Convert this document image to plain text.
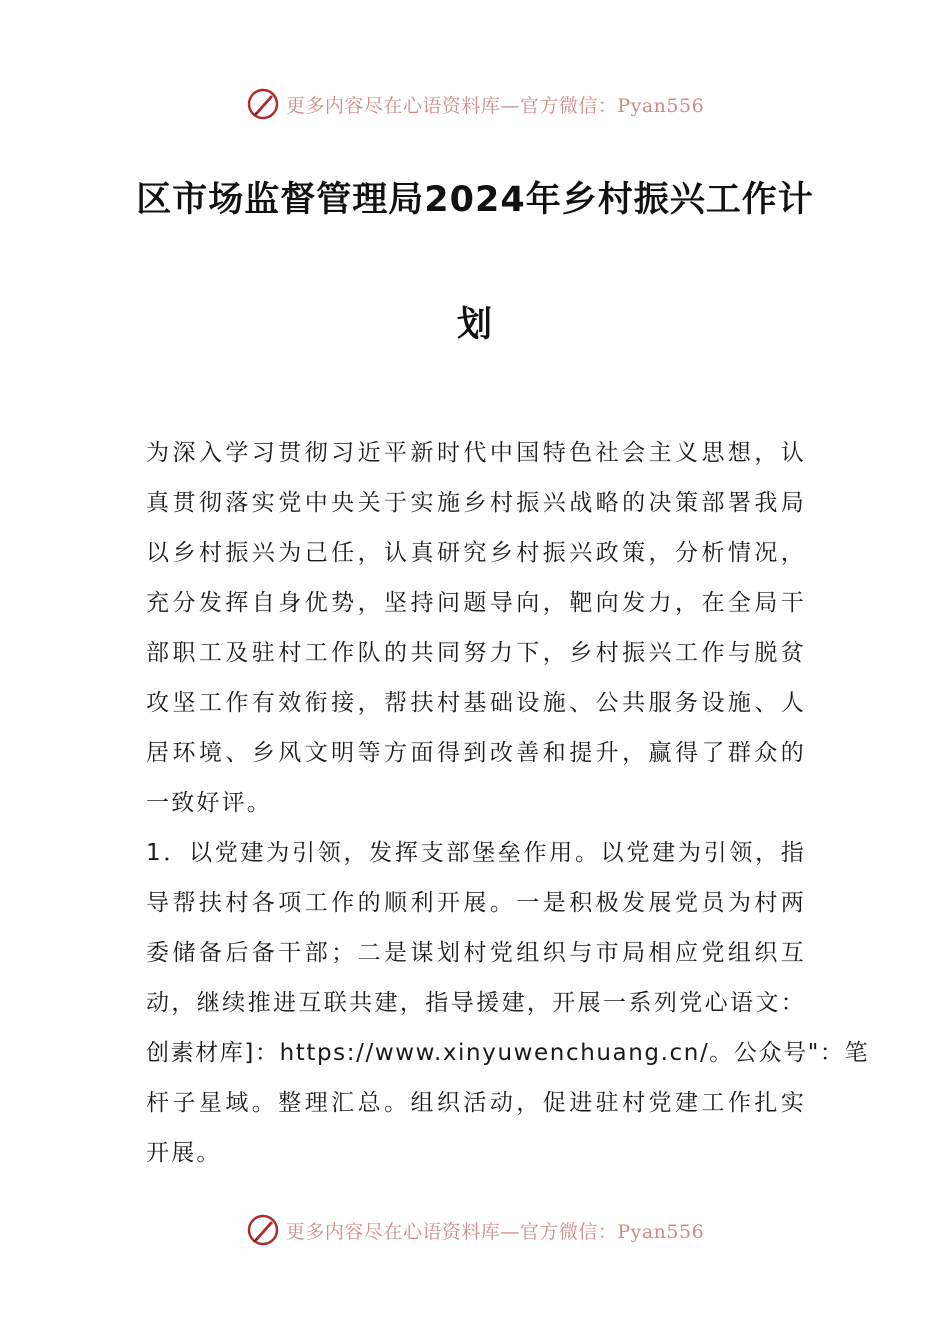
更多内容尽在心语资料库—官方微信：Pyan556
区市场监督管理局2024年乡村振兴工作计
划
为深入学习贯彻习近平新时代中国特色社会主义思想，认
真贯彻落实党中央关于实施乡村振兴战略的决策部署我局
以乡村振兴为己任，认真研究乡村振兴政策，分析情况，
充分发挥自身优势，坚持问题导向，靶向发力，在全局干
部职工及驻村工作队的共同努力下，乡村振兴工作与脱贫
攻坚工作有效衔接，帮扶村基础设施、公共服务设施、人
居环境、乡风文明等方面得到改善和提升，赢得了群众的
一致好评。
1．以党建为引领，发挥支部堡垒作用。以党建为引领，指
导帮扶村各项工作的顺利开展。一是积极发展党员为村两
委储备后备干部；二是谋划村党组织与市局相应党组织互
动，继续推进互联共建，指导援建，开展一系列党心语文：
创素材库]：https://www.xinyuwenchuang.cn/。公众号"：笔
杆子星域。整理汇总。组织活动，促进驻村党建工作扎实
开展。
更多内容尽在心语资料库—官方微信：Pyan556
